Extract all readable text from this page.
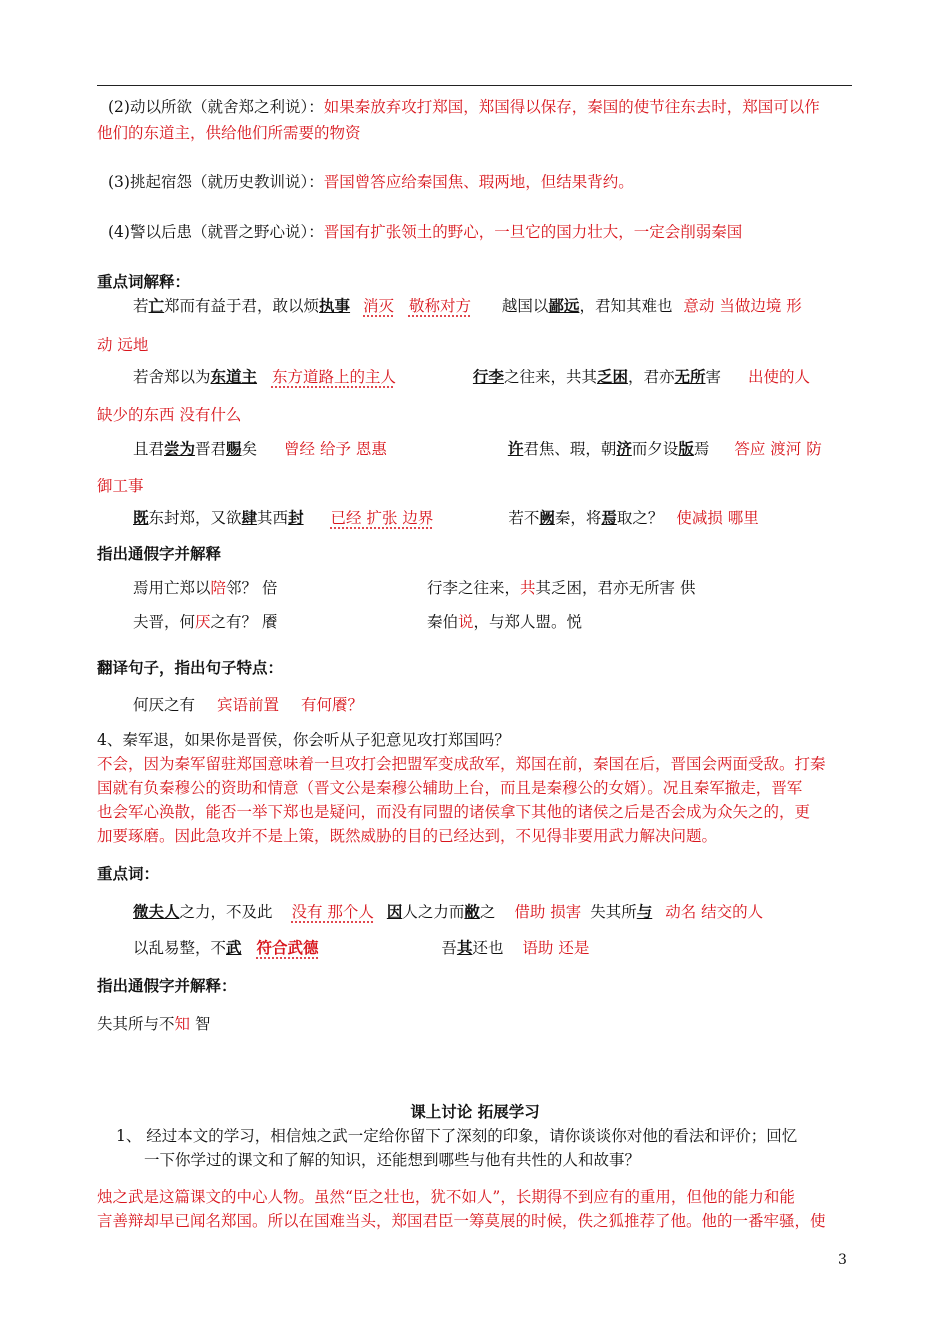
(2)动以所欲（就舍郑之利说）：如果秦放弃攻打郑国，郑国得以保存，秦国的使节往东去时，郑国可以作
他们的东道主，供给他们所需要的物资
(3)挑起宿怨（就历史教训说）：晋国曾答应给秦国焦、瑕两地，但结果背约。
(4)警以后患（就晋之野心说）：晋国有扩张领土的野心，一旦它的国力壮大，一定会削弱秦国
重点词解释：
若亡郑而有益于君，敢以烦执事 消灭 敬称对方 越国以鄙远，君知其难也 意动 当做边境 形
动 远地
若舍郑以为东道主 东方道路上的主人	行李之往来，共其乏困，君亦无所害 出使的人
缺少的东西 没有什么
且君尝为晋君赐矣 曾经 给予 恩惠	许君焦、瑕，朝济而夕设版焉 答应 渡河 防
御工事
既东封郑，又欲肆其西封 已经 扩张 边界	若不阙秦，将焉取之？ 使减损 哪里
指出通假字并解释
焉用亡郑以陪邻？ 倍	行李之往来，共其乏困，君亦无所害 供
夫晋，何厌之有？ 餍	秦伯说，与郑人盟。悦
翻译句子，指出句子特点：
何厌之有 宾语前置 有何餍？
4、秦军退，如果你是晋侯，你会听从子犯意见攻打郑国吗？
不会，因为秦军留驻郑国意味着一旦攻打会把盟军变成敌军，郑国在前，秦国在后，晋国会两面受敌。打秦
国就有负秦穆公的资助和情意（晋文公是秦穆公辅助上台，而且是秦穆公的女婿）。况且秦军撤走，晋军
也会军心涣散，能否一举下郑也是疑问，而没有同盟的诸侯拿下其他的诸侯之后是否会成为众矢之的，更
加要琢磨。因此急攻并不是上策，既然威胁的目的已经达到，不见得非要用武力解决问题。
重点词：
微夫人之力，不及此 没有 那个人 因人之力而敝之 借助 损害 失其所与 动名 结交的人
以乱易整，不武 符合武德	吾其还也 语助 还是
指出通假字并解释：
失其所与不知 智
课上讨论 拓展学习
1、 经过本文的学习，相信烛之武一定给你留下了深刻的印象，请你谈谈你对他的看法和评价；回忆
一下你学过的课文和了解的知识，还能想到哪些与他有共性的人和故事？
烛之武是这篇课文的中心人物。虽然“臣之壮也，犹不如人”，长期得不到应有的重用，但他的能力和能
言善辩却早已闻名郑国。所以在国难当头，郑国君臣一筹莫展的时候，佚之狐推荐了他。他的一番牢骚，使
3
